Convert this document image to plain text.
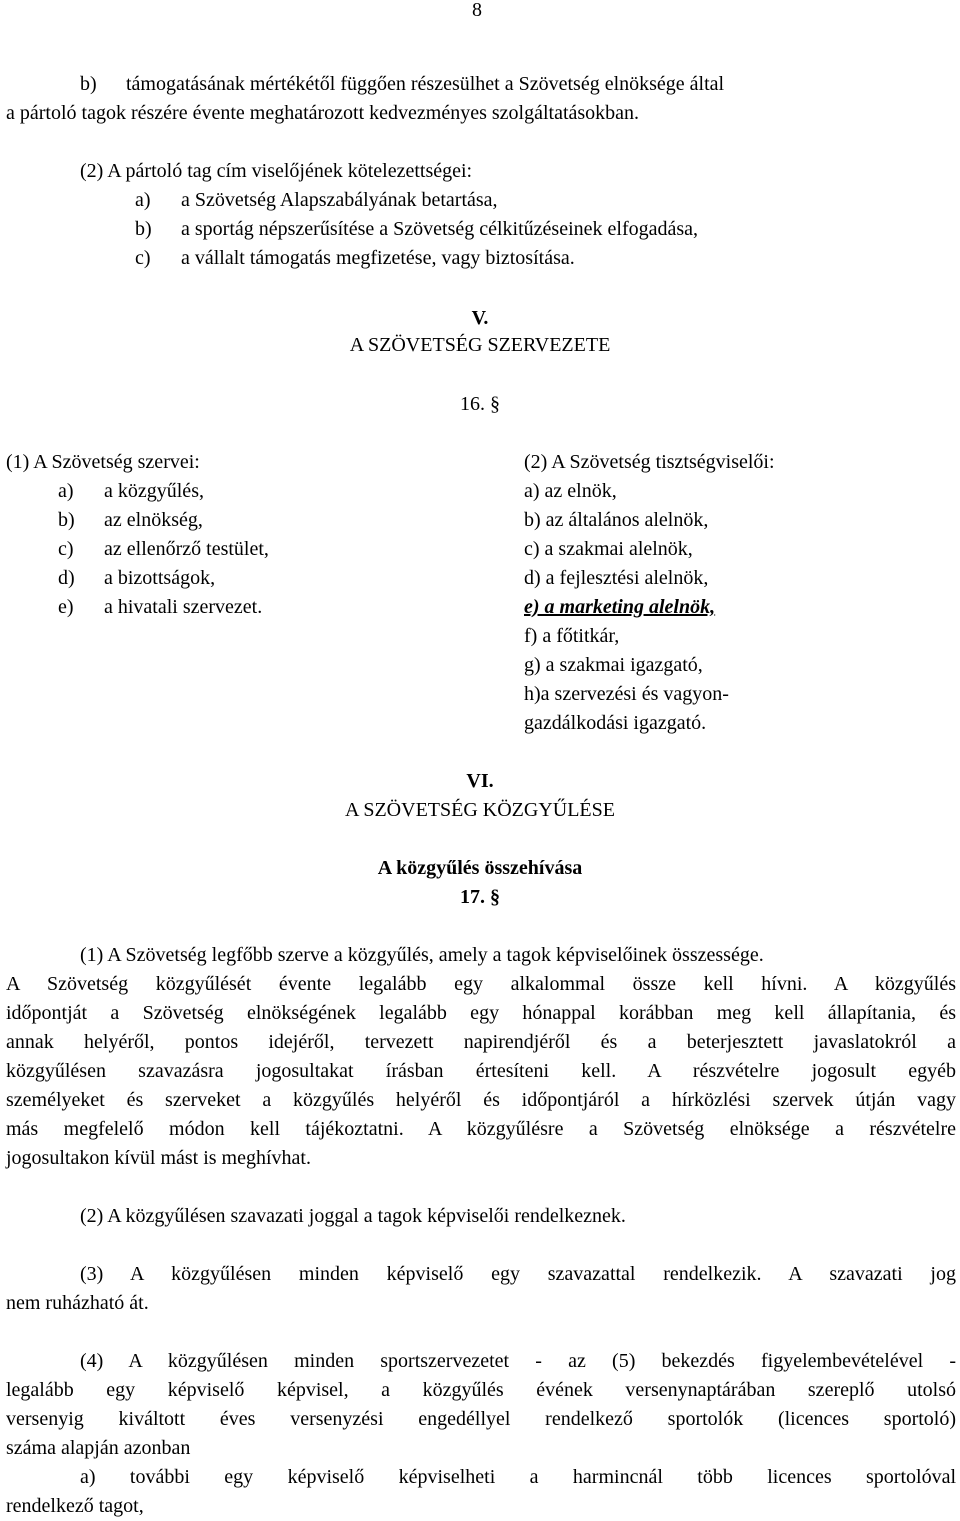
8
b) támogatásának mértékétől függően részesülhet a Szövetség elnöksége által
a pártoló tagok részére évente meghatározott kedvezményes szolgáltatásokban.
(2) A pártoló tag cím viselőjének kötelezettségei:
a) a Szövetség Alapszabályának betartása,
b) a sportág népszerűsítése a Szövetség célkitűzéseinek elfogadása,
c) a vállalt támogatás megfizetése, vagy biztosítása.
V.
A SZÖVETSÉG SZERVEZETE
16. §
(1) A Szövetség szervei:
a) a közgyűlés,
b) az elnökség,
c) az ellenőrző testület,
d) a bizottságok,
e) a hivatali szervezet.
(2) A Szövetség tisztségviselői:
a) az elnök,
b) az általános alelnök,
c) a szakmai alelnök,
d) a fejlesztési alelnök,
e) a marketing alelnök,
f) a főtitkár,
g) a szakmai igazgató,
h)a szervezési és vagyon-
gazdálkodási igazgató.
VI.
A SZÖVETSÉG KÖZGYŰLÉSE
A közgyűlés összehívása
17. §
(1) A Szövetség legfőbb szerve a közgyűlés, amely a tagok képviselőinek összessége.
A Szövetség közgyűlését évente legalább egy alkalommal össze kell hívni. A közgyűlés
időpontját a Szövetség elnökségének legalább egy hónappal korábban meg kell állapítania, és
annak helyéről, pontos idejéről, tervezett napirendjéről és a beterjesztett javaslatokról a
közgyűlésen szavazásra jogosultakat írásban értesíteni kell. A részvételre jogosult egyéb
személyeket és szerveket a közgyűlés helyéről és időpontjáról a hírközlési szervek útján vagy
más megfelelő módon kell tájékoztatni. A közgyűlésre a Szövetség elnöksége a részvételre
jogosultakon kívül mást is meghívhat.
(2) A közgyűlésen szavazati joggal a tagok képviselői rendelkeznek.
(3) A közgyűlésen minden képviselő egy szavazattal rendelkezik. A szavazati jog
nem ruházható át.
(4) A közgyűlésen minden sportszervezetet - az (5) bekezdés figyelembevételével -
legalább egy képviselő képvisel, a közgyűlés évének versenynaptárában szereplő utolsó
versenyig kiváltott éves versenyzési engedéllyel rendelkező sportolók (licences sportoló)
száma alapján azonban
a) további egy képviselő képviselheti a harmincnál több licences sportolóval
rendelkező tagot,
